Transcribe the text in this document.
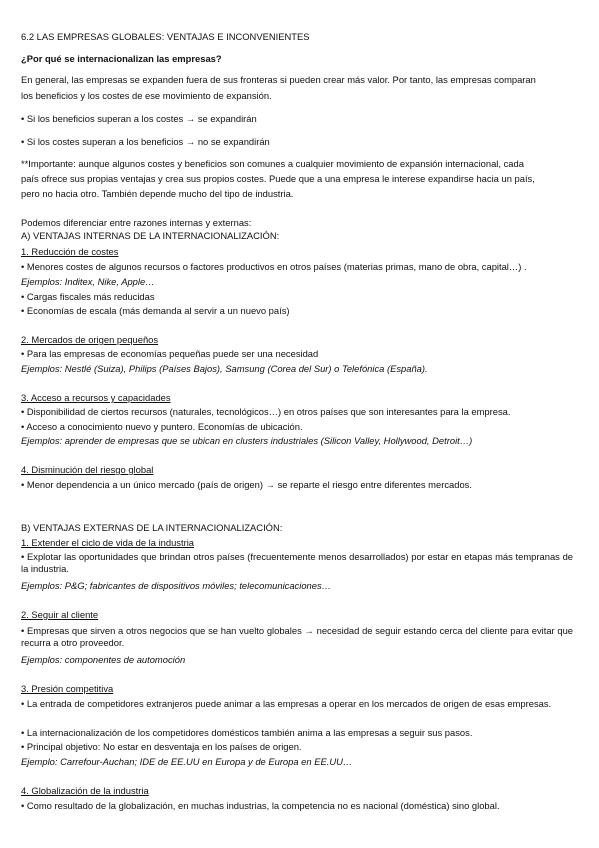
6.2 LAS EMPRESAS GLOBALES: VENTAJAS E INCONVENIENTES
¿Por qué se internacionalizan las empresas?
En general, las empresas se expanden fuera de sus fronteras si pueden crear más valor. Por tanto, las empresas comparan
los beneficios y los costes de ese movimiento de expansión.
• Si los beneficios superan a los costes → se expandirán
• Si los costes superan a los beneficios → no se expandirán
**Importante: aunque algunos costes y beneficios son comunes a cualquier movimiento de expansión internacional, cada
país ofrece sus propias ventajas y crea sus propios costes. Puede que a una empresa le interese expandirse hacia un país,
pero no hacia otro. También depende mucho del tipo de industria.
Podemos diferenciar entre razones internas y externas:
A) VENTAJAS INTERNAS DE LA INTERNACIONALIZACIÓN:
1. Reducción de costes
• Menores costes de algunos recursos o factores productivos en otros países (materias primas, mano de obra, capital…) .
Ejemplos: Inditex, Nike, Apple…
• Cargas fiscales más reducidas
• Economías de escala (más demanda al servir a un nuevo país)
2. Mercados de origen pequeños
• Para las empresas de economías pequeñas puede ser una necesidad
Ejemplos: Nestlé (Suiza), Philips (Países Bajos), Samsung (Corea del Sur) o Telefónica (España).
3. Acceso a recursos y capacidades
• Disponibilidad de ciertos recursos (naturales, tecnológicos…) en otros países que son interesantes para la empresa.
• Acceso a conocimiento nuevo y puntero. Economías de ubicación.
Ejemplos: aprender de empresas que se ubican en clusters industriales (Silicon Valley, Hollywood, Detroit…)
4. Disminución del riesgo global
• Menor dependencia a un único mercado (país de origen) → se reparte el riesgo entre diferentes mercados.
B) VENTAJAS EXTERNAS DE LA INTERNACIONALIZACIÓN:
1. Extender el ciclo de vida de la industria
• Explotar las oportunidades que brindan otros países (frecuentemente menos desarrollados) por estar en etapas más tempranas de la industria.
Ejemplos: P&G; fabricantes de dispositivos móviles; telecomunicaciones…
2. Seguir al cliente
• Empresas que sirven a otros negocios que se han vuelto globales → necesidad de seguir estando cerca del cliente para evitar que recurra a otro proveedor.
Ejemplos: componentes de automoción
3. Presión competitiva
• La entrada de competidores extranjeros puede animar a las empresas a operar en los mercados de origen de esas empresas.
• La internacionalización de los competidores domésticos también anima a las empresas a seguir sus pasos.
• Principal objetivo: No estar en desventaja en los países de origen.
Ejemplo: Carrefour-Auchan; IDE de EE.UU en Europa y de Europa en EE.UU…
4. Globalización de la industria
• Como resultado de la globalización, en muchas industrias, la competencia no es nacional (doméstica) sino global.
